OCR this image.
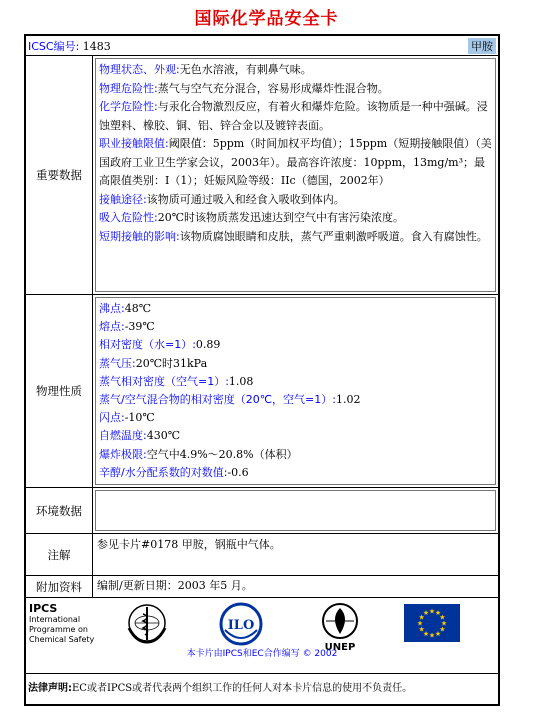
国际化学品安全卡
ICSC编号: 1483	甲胺
重要数据
物理状态、外观:无色水溶液，有刺鼻气味。
物理危险性:蒸气与空气充分混合，容易形成爆炸性混合物。
化学危险性:与汞化合物激烈反应，有着火和爆炸危险。该物质是一种中强碱。浸蚀塑料、橡胶、铜、铝、锌合金以及镀锌表面。
职业接触限值:阈限值：5ppm（时间加权平均值）；15ppm（短期接触限值）（美国政府工业卫生学家会议，2003年）。最高容许浓度：10ppm，13mg/m³；最高限值类别：I（1）；妊娠风险等级：IIc（德国，2002年）
接触途径:该物质可通过吸入和经食入吸收到体内。
吸入危险性:20℃时该物质蒸发迅速达到空气中有害污染浓度。
短期接触的影响:该物质腐蚀眼睛和皮肤，蒸气严重刺激呼吸道。食入有腐蚀性。
物理性质
沸点:48℃
熔点:-39℃
相对密度（水=1）:0.89
蒸气压:20℃时31kPa
蒸气相对密度（空气=1）:1.08
蒸气/空气混合物的相对密度（20℃，空气=1）:1.02
闪点:-10℃
自燃温度:430℃
爆炸极限:空气中4.9%～20.8%（体积）
辛醇/水分配系数的对数值:-0.6
环境数据
注解
参见卡片#0178 甲胺，钢瓶中气体。
附加资料	编制/更新日期：2003 年5 月。
IPCS
International
Programme on
Chemical Safety
ILO
UNEP
★
★
★
★
★
★
★
★
★ ★ ★
★
本卡片由IPCS和EC合作编写 © 2002
法律声明:EC或者IPCS或者代表两个组织工作的任何人对本卡片信息的使用不负责任。
